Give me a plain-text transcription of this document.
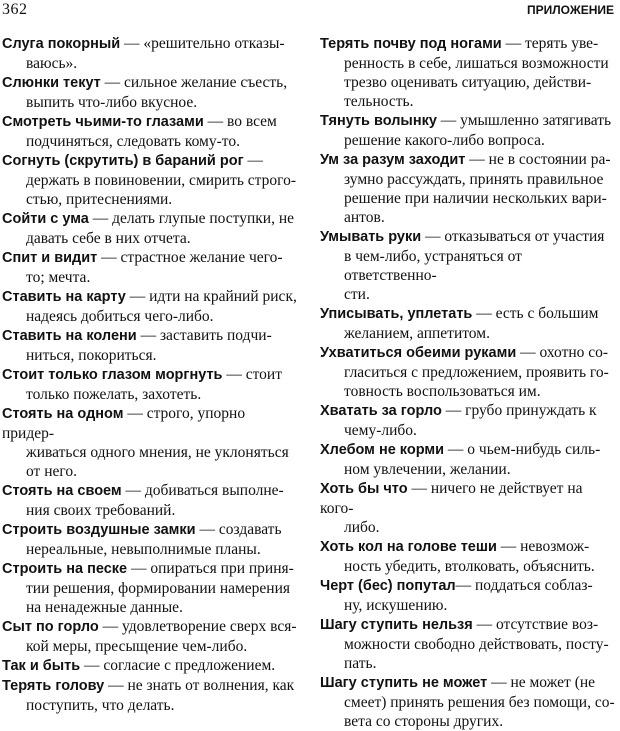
362	ПРИЛОЖЕНИЕ
Слуга покорный — «решительно отказы-
ваюсь».
Слюнки текут — сильное желание съесть,
выпить что-либо вкусное.
Смотреть чьими-то глазами — во всем
подчиняться, следовать кому-то.
Согнуть (скрутить) в бараний рог —
держать в повиновении, смирить строго-
стью, притеснениями.
Сойти с ума — делать глупые поступки, не
давать себе в них отчета.
Спит и видит — страстное желание чего-
то; мечта.
Ставить на карту — идти на крайний риск,
надеясь добиться чего-либо.
Ставить на колени — заставить подчи-
ниться, покориться.
Стоит только глазом моргнуть — стоит
только пожелать, захотеть.
Стоять на одном — строго, упорно придер-
живаться одного мнения, не уклоняться
от него.
Стоять на своем — добиваться выполне-
ния своих требований.
Строить воздушные замки — создавать
нереальные, невыполнимые планы.
Строить на песке — опираться при приня-
тии решения, формировании намерения
на ненадежные данные.
Сыт по горло — удовлетворение сверх вся-
кой меры, пресыщение чем-либо.
Так и быть — согласие с предложением.
Терять голову — не знать от волнения, как
поступить, что делать.
Терять почву под ногами — терять уве-
ренность в себе, лишаться возможности
трезво оценивать ситуацию, действи-
тельность.
Тянуть волынку — умышленно затягивать
решение какого-либо вопроса.
Ум за разум заходит — не в состоянии ра-
зумно рассуждать, принять правильное
решение при наличии нескольких вари-
антов.
Умывать руки — отказываться от участия
в чем-либо, устраняться от ответственно-
сти.
Уписывать, уплетать — есть с большим
желанием, аппетитом.
Ухватиться обеими руками — охотно со-
гласиться с предложением, проявить го-
товность воспользоваться им.
Хватать за горло — грубо принуждать к
чему-либо.
Хлебом не корми — о чьем-нибудь силь-
ном увлечении, желании.
Хоть бы что — ничего не действует на кого-
либо.
Хоть кол на голове теши — невозмож-
ность убедить, втолковать, объяснить.
Черт (бес) попутал— поддаться соблаз-
ну, искушению.
Шагу ступить нельзя — отсутствие воз-
можности свободно действовать, посту-
пать.
Шагу ступить не может — не может (не
смеет) принять решения без помощи, со-
вета со стороны других.
